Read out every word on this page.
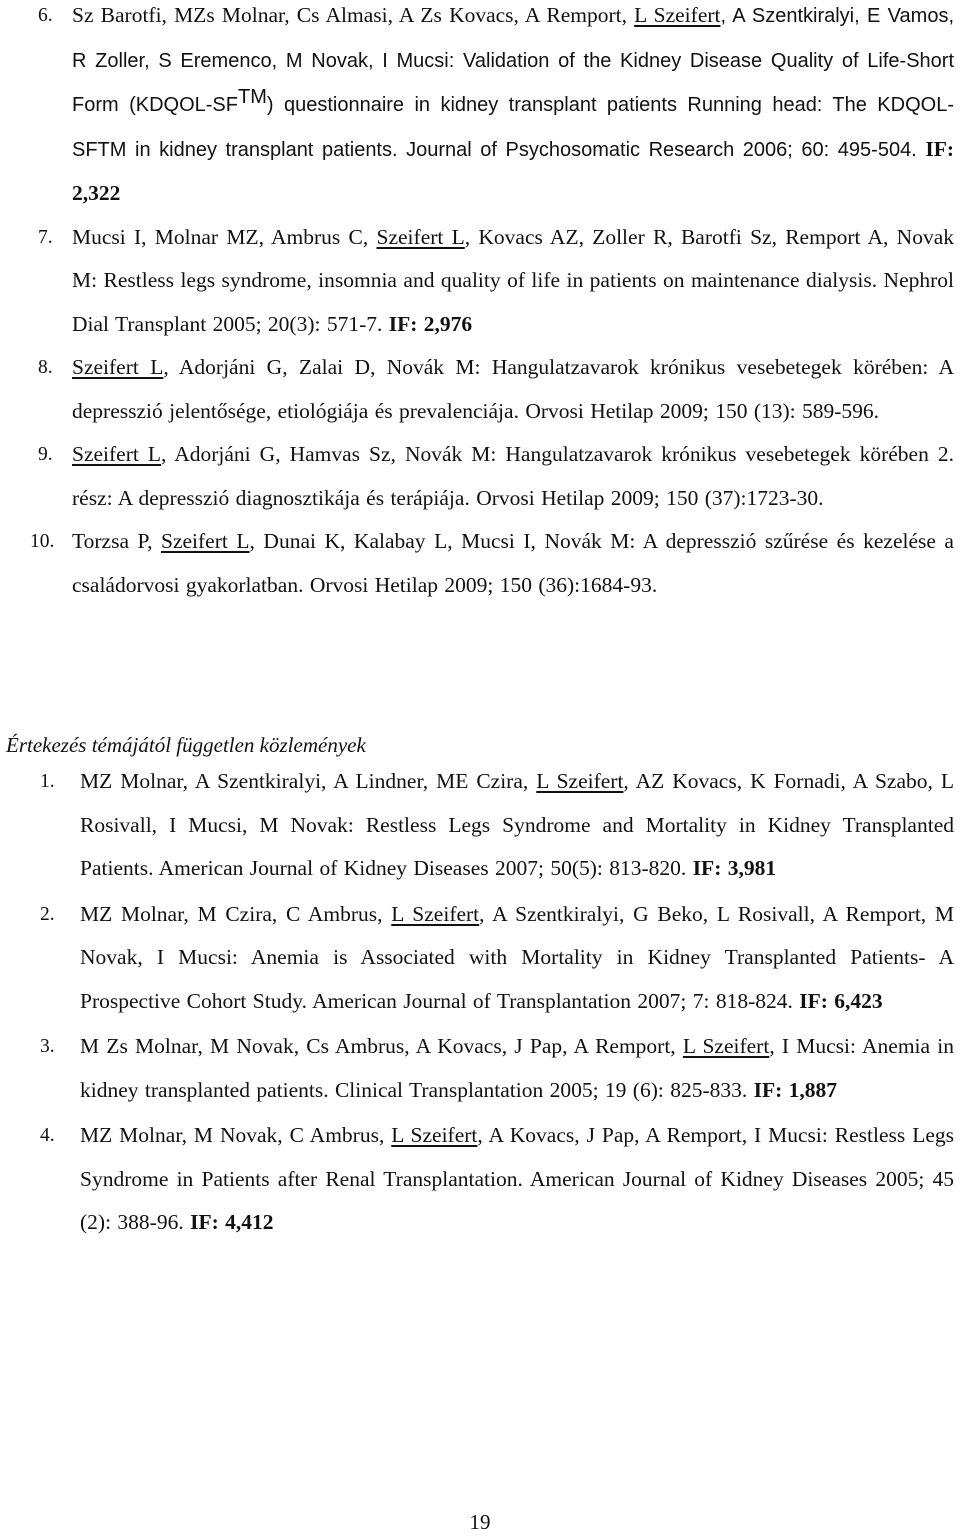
6. Sz Barotfi, MZs Molnar, Cs Almasi, A Zs Kovacs, A Remport, L Szeifert, A Szentkiralyi, E Vamos, R Zoller, S Eremenco, M Novak, I Mucsi: Validation of the Kidney Disease Quality of Life-Short Form (KDQOL-SF™) questionnaire in kidney transplant patients Running head: The KDQOL-SFTM in kidney transplant patients. Journal of Psychosomatic Research 2006; 60: 495-504. IF: 2,322
7. Mucsi I, Molnar MZ, Ambrus C, Szeifert L, Kovacs AZ, Zoller R, Barotfi Sz, Remport A, Novak M: Restless legs syndrome, insomnia and quality of life in patients on maintenance dialysis. Nephrol Dial Transplant 2005; 20(3): 571-7. IF: 2,976
8. Szeifert L, Adorjáni G, Zalai D, Novák M: Hangulatzavarok krónikus vesebetegek körében: A depresszió jelentősége, etiológiája és prevalenciája. Orvosi Hetilap 2009; 150 (13): 589-596.
9. Szeifert L, Adorjáni G, Hamvas Sz, Novák M: Hangulatzavarok krónikus vesebetegek körében 2. rész: A depresszió diagnosztikája és terápiája. Orvosi Hetilap 2009; 150 (37):1723-30.
10. Torzsa P, Szeifert L, Dunai K, Kalabay L, Mucsi I, Novák M: A depresszió szűrése és kezelése a családorvosi gyakorlatban. Orvosi Hetilap 2009; 150 (36):1684-93.
Értekezés témájától független közlemények
1. MZ Molnar, A Szentkiralyi, A Lindner, ME Czira, L Szeifert, AZ Kovacs, K Fornadi, A Szabo, L Rosivall, I Mucsi, M Novak: Restless Legs Syndrome and Mortality in Kidney Transplanted Patients. American Journal of Kidney Diseases 2007; 50(5): 813-820. IF: 3,981
2. MZ Molnar, M Czira, C Ambrus, L Szeifert, A Szentkiralyi, G Beko, L Rosivall, A Remport, M Novak, I Mucsi: Anemia is Associated with Mortality in Kidney Transplanted Patients- A Prospective Cohort Study. American Journal of Transplantation 2007; 7: 818-824. IF: 6,423
3. M Zs Molnar, M Novak, Cs Ambrus, A Kovacs, J Pap, A Remport, L Szeifert, I Mucsi: Anemia in kidney transplanted patients. Clinical Transplantation 2005; 19 (6): 825-833. IF: 1,887
4. MZ Molnar, M Novak, C Ambrus, L Szeifert, A Kovacs, J Pap, A Remport, I Mucsi: Restless Legs Syndrome in Patients after Renal Transplantation. American Journal of Kidney Diseases 2005; 45 (2): 388-96. IF: 4,412
19
